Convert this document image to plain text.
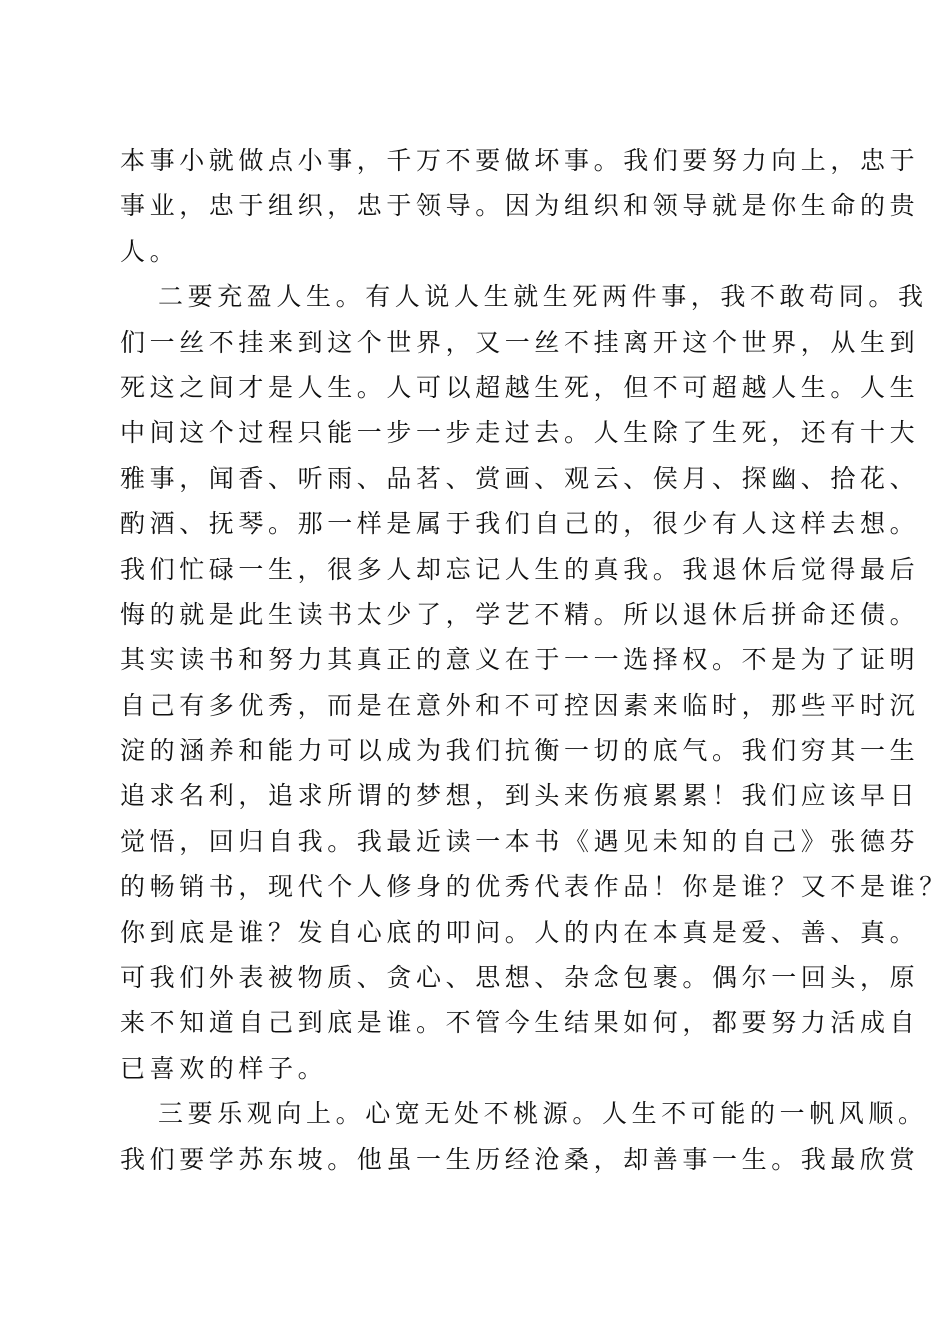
本事小就做点小事，千万不要做坏事。我们要努力向上，忠于
事业，忠于组织，忠于领导。因为组织和领导就是你生命的贵
人。
二要充盈人生。有人说人生就生死两件事，我不敢苟同。我
们一丝不挂来到这个世界，又一丝不挂离开这个世界，从生到
死这之间才是人生。人可以超越生死，但不可超越人生。人生
中间这个过程只能一步一步走过去。人生除了生死，还有十大
雅事，闻香、听雨、品茗、赏画、观云、侯月、探幽、拾花、
酌酒、抚琴。那一样是属于我们自己的，很少有人这样去想。
我们忙碌一生，很多人却忘记人生的真我。我退休后觉得最后
悔的就是此生读书太少了，学艺不精。所以退休后拼命还债。
其实读书和努力其真正的意义在于一一选择权。不是为了证明
自己有多优秀，而是在意外和不可控因素来临时，那些平时沉
淀的涵养和能力可以成为我们抗衡一切的底气。我们穷其一生
追求名利，追求所谓的梦想，到头来伤痕累累！我们应该早日
觉悟，回归自我。我最近读一本书《遇见未知的自己》张德芬
的畅销书，现代个人修身的优秀代表作品！你是谁？又不是谁？
你到底是谁？发自心底的叩问。人的内在本真是爱、善、真。
可我们外表被物质、贪心、思想、杂念包裹。偶尔一回头，原
来不知道自己到底是谁。不管今生结果如何，都要努力活成自
已喜欢的样子。
三要乐观向上。心宽无处不桃源。人生不可能的一帆风顺。
我们要学苏东坡。他虽一生历经沧桑，却善事一生。我最欣赏
